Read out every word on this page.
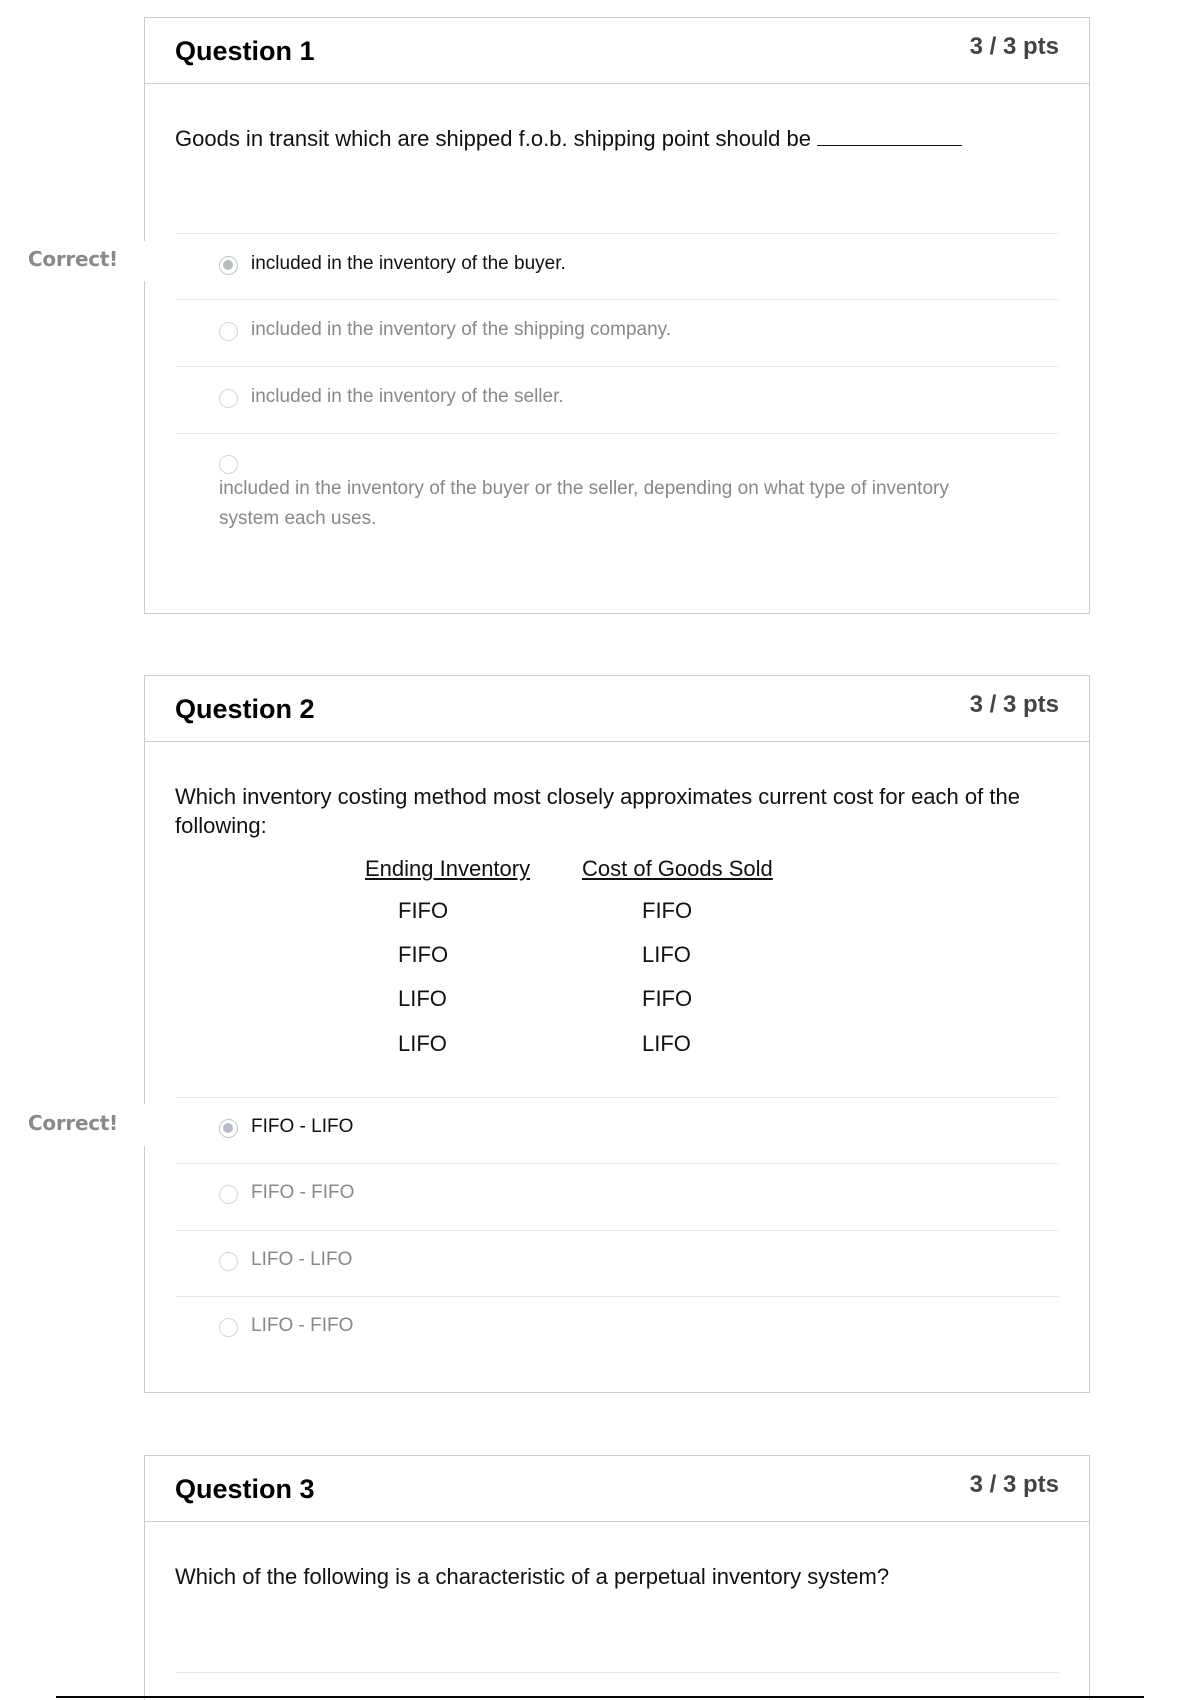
Question 1	3 / 3 pts
Goods in transit which are shipped f.o.b. shipping point should be
included in the inventory of the buyer.
included in the inventory of the shipping company.
included in the inventory of the seller.
included in the inventory of the buyer or the seller, depending on what type of inventory system each uses.
Correct!
Question 2	3 / 3 pts
Which inventory costing method most closely approximates current cost for each of the following:
Ending Inventory Cost of Goods Sold
FIFO	FIFO
FIFO	LIFO
LIFO	FIFO
LIFO	LIFO
FIFO - LIFO
FIFO - FIFO
LIFO - LIFO
LIFO - FIFO
Correct!
Question 3	3 / 3 pts
Which of the following is a characteristic of a perpetual inventory system?
